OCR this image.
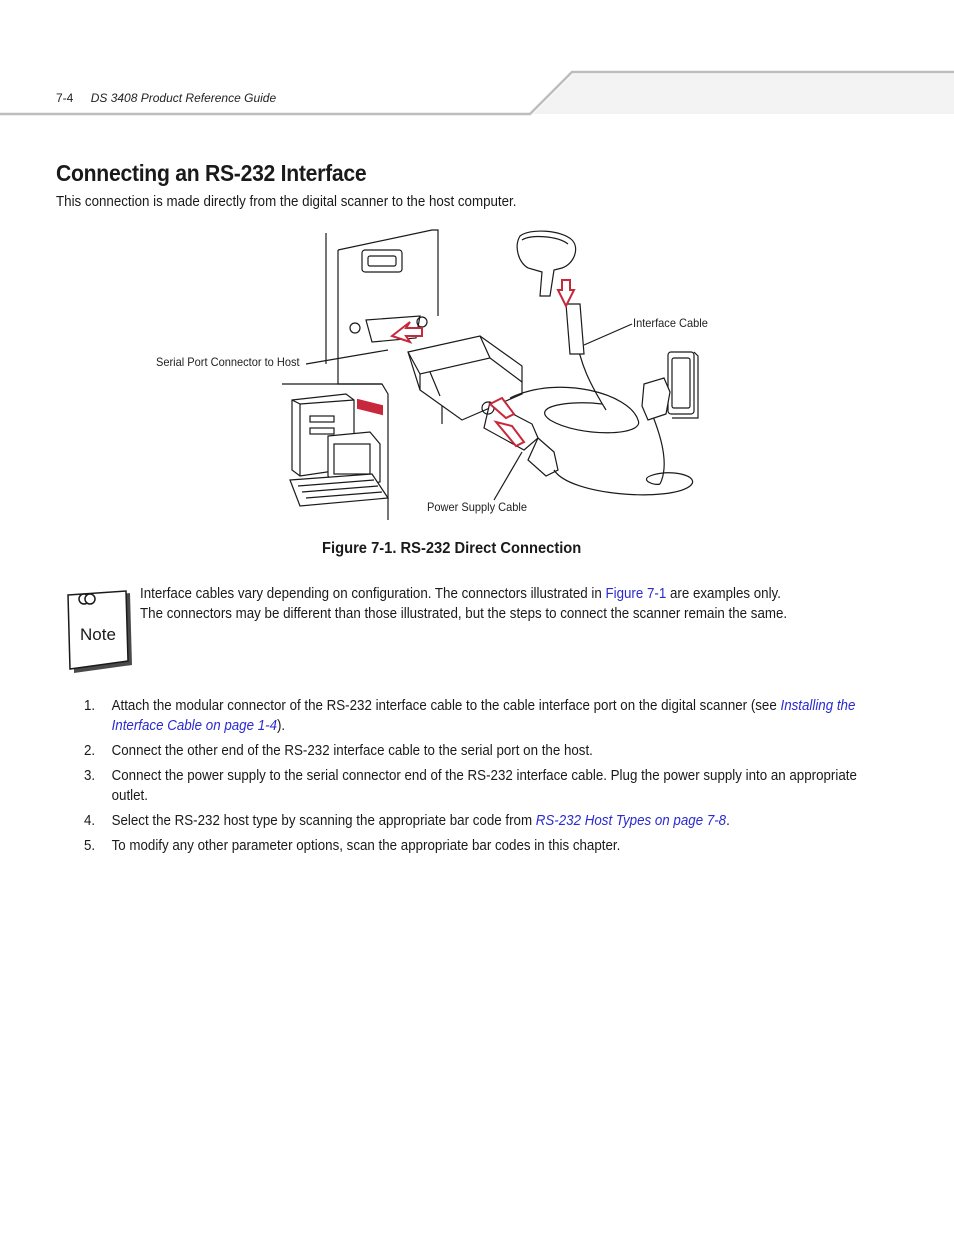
7-4 DS 3408 Product Reference Guide
Connecting an RS-232 Interface
This connection is made directly from the digital scanner to the host computer.
Serial Port Connector to Host
Interface Cable
Power Supply Cable
Figure 7-1. RS-232 Direct Connection
Note
Interface cables vary depending on configuration. The connectors illustrated in Figure 7-1 are examples only. The connectors may be different than those illustrated, but the steps to connect the scanner remain the same.
1. Attach the modular connector of the RS-232 interface cable to the cable interface port on the digital scanner (see Installing the Interface Cable on page 1-4).
2. Connect the other end of the RS-232 interface cable to the serial port on the host.
3. Connect the power supply to the serial connector end of the RS-232 interface cable. Plug the power supply into an appropriate outlet.
4. Select the RS-232 host type by scanning the appropriate bar code from RS-232 Host Types on page 7-8.
5. To modify any other parameter options, scan the appropriate bar codes in this chapter.
